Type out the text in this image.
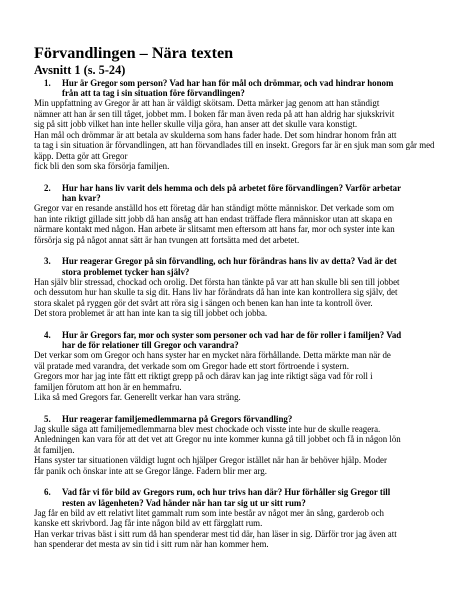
Förvandlingen – Nära texten
Avsnitt 1 (s. 5-24)
1.	Hur är Gregor som person? Vad har han för mål och drömmar, och vad hindrar honom
från att ta tag i sin situation före förvandlingen?
Min uppfattning av Gregor är att han är väldigt skötsam. Detta märker jag genom att han ständigt
nämner att han är sen till tåget, jobbet mm. I boken får man även reda på att han aldrig har sjukskrivit
sig på sitt jobb vilket han inte heller skulle vilja göra, han anser att det skulle vara konstigt.
Han mål och drömmar är att betala av skulderna som hans fader hade. Det som hindrar honom från att
ta tag i sin situation är förvandlingen, att han förvandlades till en insekt. Gregors far är en sjuk man som går med käpp. Detta gör att Gregor
fick bli den som ska försörja familjen.
2.	Hur har hans liv varit dels hemma och dels på arbetet före förvandlingen? Varför arbetar
han kvar?
Gregor var en resande anställd hos ett företag där han ständigt mötte människor. Det verkade som om
han inte riktigt gillade sitt jobb då han ansåg att han endast träffade flera människor utan att skapa en
närmare kontakt med någon. Han arbete är slitsamt men eftersom att hans far, mor och syster inte kan
försörja sig på något annat sätt är han tvungen att fortsätta med det arbetet.
3.	Hur reagerar Gregor på sin förvandling, och hur förändras hans liv av detta? Vad är det
stora problemet tycker han själv?
Han själv blir stressad, chockad och orolig. Det första han tänkte på var att han skulle bli sen till jobbet
och dessutom hur han skulle ta sig dit. Hans liv har förändrats då han inte kan kontrollera sig själv, det
stora skalet på ryggen gör det svårt att röra sig i sängen och benen kan han inte ta kontroll över.
Det stora problemet är att han inte kan ta sig till jobbet och jobba.
4.	Hur är Gregors far, mor och syster som personer och vad har de för roller i familjen? Vad
har de för relationer till Gregor och varandra?
Det verkar som om Gregor och hans syster har en mycket nära förhållande. Detta märkte man när de
väl pratade med varandra, det verkade som om Gregor hade ett stort förtroende i systern.
Gregors mor har jag inte fått ett riktigt grepp på och därav kan jag inte riktigt säga vad för roll i
familjen förutom att hon är en hemmafru.
Lika så med Gregors far. Generellt verkar han vara sträng.
5.	Hur reagerar familjemedlemmarna på Gregors förvandling?
Jag skulle säga att familjemedlemmarna blev mest chockade och visste inte hur de skulle reagera.
Anledningen kan vara för att det vet att Gregor nu inte kommer kunna gå till jobbet och få in någon lön
åt familjen.
Hans syster tar situationen väldigt lugnt och hjälper Gregor istället när han är behöver hjälp. Moder
får panik och önskar inte att se Gregor länge. Fadern blir mer arg.
6.	Vad får vi för bild av Gregors rum, och hur trivs han där? Hur förhåller sig Gregor till
resten av lägenheten? Vad händer när han tar sig ut ur sitt rum?
Jag får en bild av ett relativt litet gammalt rum som inte består av något mer än sång, garderob och
kanske ett skrivbord. Jag får inte någon bild av ett färgglatt rum.
Han verkar trivas bäst i sitt rum då han spenderar mest tid där, han läser in sig. Därför tror jag även att
han spenderar det mesta av sin tid i sitt rum när han kommer hem.
